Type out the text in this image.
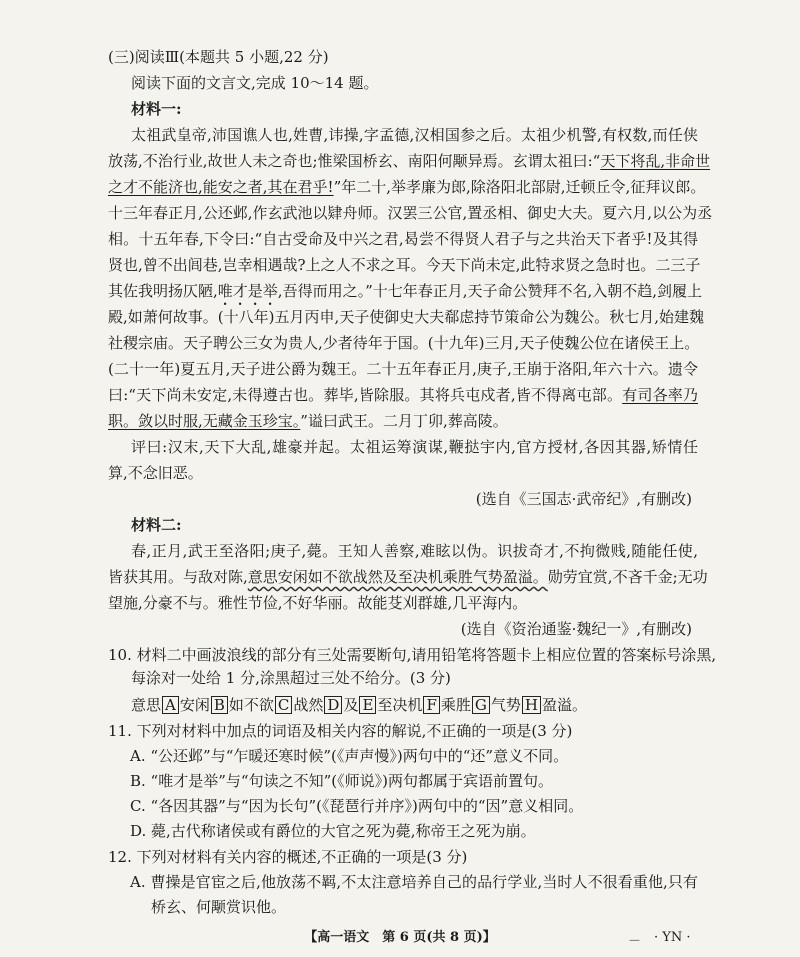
(三)阅读Ⅲ(本题共 5 小题,22 分)
阅读下面的文言文,完成 10～14 题。
材料一:
太祖武皇帝,沛国谯人也,姓曹,讳操,字孟德,汉相国参之后。太祖少机警,有权数,而任侠
放荡,不治行业,故世人未之奇也;惟梁国桥玄、南阳何颙异焉。玄谓太祖曰:“天下将乱,非命世
之才不能济也,能安之者,其在君乎!”年二十,举孝廉为郎,除洛阳北部尉,迁顿丘令,征拜议郎。
十三年春正月,公还邺,作玄武池以肄舟师。汉罢三公官,置丞相、御史大夫。夏六月,以公为丞
相。十五年春,下令曰:“自古受命及中兴之君,曷尝不得贤人君子与之共治天下者乎!及其得
贤也,曾不出闾巷,岂幸相遇哉?上之人不求之耳。今天下尚未定,此特求贤之急时也。二三子
其佐我明扬仄陋,唯才是举,吾得而用之。”十七年春正月,天子命公赞拜不名,入朝不趋,剑履上
殿,如萧何故事。(十八年)五月丙申,天子使御史大夫郗虑持节策命公为魏公。秋七月,始建魏
社稷宗庙。天子聘公三女为贵人,少者待年于国。(十九年)三月,天子使魏公位在诸侯王上。
(二十一年)夏五月,天子进公爵为魏王。二十五年春正月,庚子,王崩于洛阳,年六十六。遗令
曰:“天下尚未安定,未得遵古也。葬毕,皆除服。其将兵屯戍者,皆不得离屯部。有司各率乃
职。敛以时服,无藏金玉珍宝。”谥曰武王。二月丁卯,葬高陵。
评曰:汉末,天下大乱,雄豪并起。太祖运筹演谋,鞭挞宇内,官方授材,各因其器,矫情任
算,不念旧恶。
(选自《三国志·武帝纪》,有删改)
材料二:
春,正月,武王至洛阳;庚子,薨。王知人善察,难眩以伪。识拔奇才,不拘微贱,随能任使,
皆获其用。与敌对陈,意思安闲如不欲战然及至决机乘胜气势盈溢。勋劳宜赏,不吝千金;无功
望施,分豪不与。雅性节俭,不好华丽。故能芟刈群雄,几平海内。
(选自《资治通鉴·魏纪一》,有删改)
10. 材料二中画波浪线的部分有三处需要断句,请用铅笔将答题卡上相应位置的答案标号涂黑,
每涂对一处给 1 分,涂黑超过三处不给分。(3 分)
意思 A 安闲 B 如不欲 C 战然 D 及 E 至决机 F 乘胜 G 气势 H 盈溢。
11. 下列对材料中加点的词语及相关内容的解说,不正确的一项是(3 分)
A. “公还邺”与“乍暖还寒时候”(《声声慢》)两句中的“还”意义不同。
B. “唯才是举”与“句读之不知”(《师说》)两句都属于宾语前置句。
C. “各因其器”与“因为长句”(《琵琶行并序》)两句中的“因”意义相同。
D. 薨,古代称诸侯或有爵位的大官之死为薨,称帝王之死为崩。
12. 下列对材料有关内容的概述,不正确的一项是(3 分)
A. 曹操是官宦之后,他放荡不羁,不太注意培养自己的品行学业,当时人不很看重他,只有
桥玄、何颙赏识他。
【高一语文　第 6 页(共 8 页)】	－ · YN ·
